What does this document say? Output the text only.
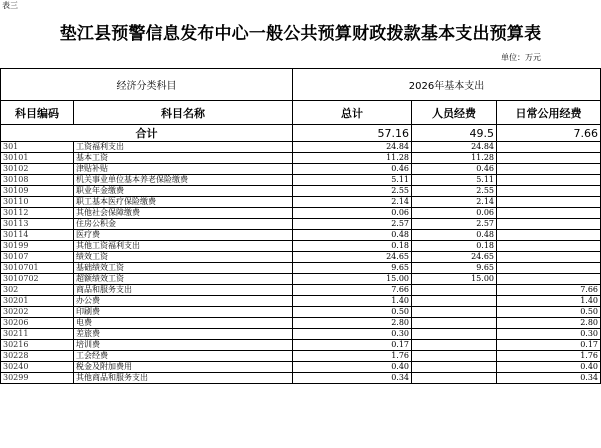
表三
垫江县预警信息发布中心一般公共预算财政拨款基本支出预算表
单位：万元
经济分类科目		2026年基本支出		
科目编码	科目名称	总计	人员经费	日常公用经费
合计		57.16	49.5	7.66
301	工资福利支出	24.84	24.84	
30101	基本工资	11.28	11.28	
30102	津贴补贴	0.46	0.46	
30108	机关事业单位基本养老保险缴费	5.11	5.11	
30109	职业年金缴费	2.55	2.55	
30110	职工基本医疗保险缴费	2.14	2.14	
30112	其他社会保障缴费	0.06	0.06	
30113	住房公积金	2.57	2.57	
30114	医疗费	0.48	0.48	
30199	其他工资福利支出	0.18	0.18	
30107	绩效工资	24.65	24.65	
3010701	基础绩效工资	9.65	9.65	
3010702	超额绩效工资	15.00	15.00	
302	商品和服务支出	7.66		7.66
30201	办公费	1.40		1.40
30202	印刷费	0.50		0.50
30206	电费	2.80		2.80
30211	差旅费	0.30		0.30
30216	培训费	0.17		0.17
30228	工会经费	1.76		1.76
30240	税金及附加费用	0.40		0.40
30299	其他商品和服务支出	0.34		0.34
